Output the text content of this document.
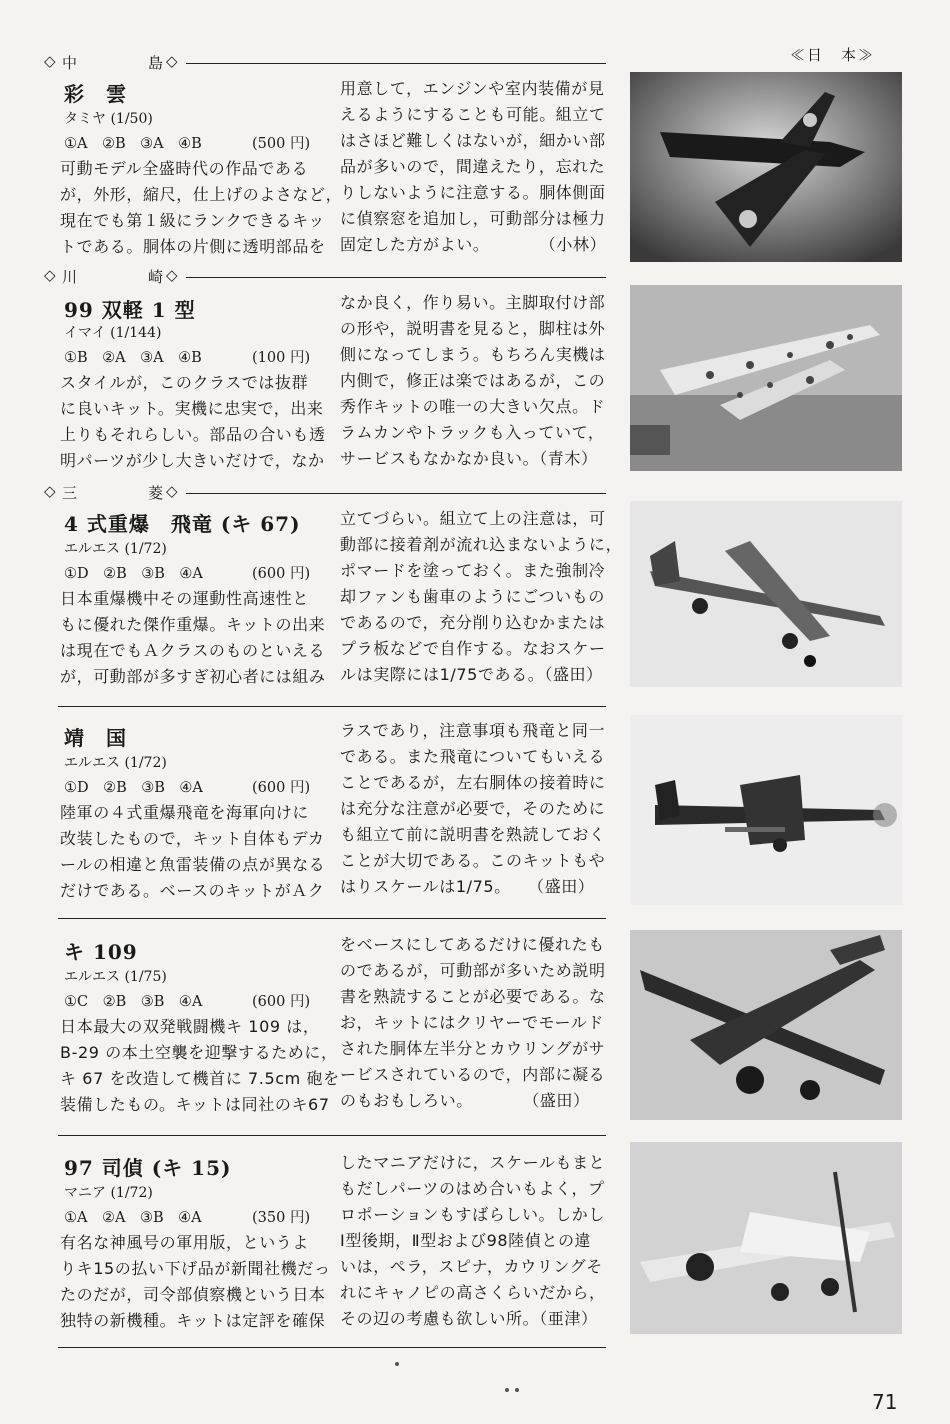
≪日　本≫
◇ 中	島 ◇
◇ 川	崎 ◇
◇ 三	菱 ◇
彩　雲
タミヤ (1/50)
①A　②B　③A　④B	(500 円)
可動モデル全盛時代の作品である
が，外形，縮尺，仕上げのよさなど，
現在でも第１級にランクできるキッ
トである。胴体の片側に透明部品を
用意して，エンジンや室内装備が見
えるようにすることも可能。組立て
はさほど難しくはないが，細かい部
品が多いので，間違えたり，忘れた
りしないように注意する。胴体側面
に偵察窓を追加し，可動部分は極力
固定した方がよい。　　　　（小林）
99 双軽 1 型
イマイ (1/144)
①B　②A　③A　④B	(100 円)
スタイルが，このクラスでは抜群
に良いキット。実機に忠実で，出来
上りもそれらしい。部品の合いも透
明パーツが少し大きいだけで，なか
なか良く，作り易い。主脚取付け部
の形や，説明書を見ると，脚柱は外
側になってしまう。もちろん実機は
内側で，修正は楽ではあるが，この
秀作キットの唯一の大きい欠点。ド
ラムカンやトラックも入っていて，
サービスもなかなか良い。（青木）
4 式重爆　飛竜 (キ 67)
エルエス (1/72)
①D　②B　③B　④A	(600 円)
日本重爆機中その運動性高速性と
もに優れた傑作重爆。キットの出来
は現在でもＡクラスのものといえる
が，可動部が多すぎ初心者には組み
立てづらい。組立て上の注意は，可
動部に接着剤が流れ込まないように，
ポマードを塗っておく。また強制冷
却ファンも歯車のようにごついもの
であるので，充分削り込むかまたは
プラ板などで自作する。なおスケー
ルは実際には1/75である。（盛田）
靖　国
エルエス (1/72)
①D　②B　③B　④A	(600 円)
陸軍の４式重爆飛竜を海軍向けに
改装したもので，キット自体もデカ
ールの相違と魚雷装備の点が異なる
だけである。ベースのキットがＡク
ラスであり，注意事項も飛竜と同一
である。また飛竜についてもいえる
ことであるが，左右胴体の接着時に
は充分な注意が必要で，そのために
も組立て前に説明書を熟読しておく
ことが大切である。このキットもや
はりスケールは1/75。　　（盛田）
キ 109
エルエス (1/75)
①C　②B　③B　④A	(600 円)
日本最大の双発戦闘機キ 109 は，
B-29 の本土空襲を迎撃するために，
キ 67 を改造して機首に 7.5cm 砲を
装備したもの。キットは同社のキ67
をベースにしてあるだけに優れたも
のであるが，可動部が多いため説明
書を熟読することが必要である。な
お，キットにはクリヤーでモールド
された胴体左半分とカウリングがサ
ービスされているので，内部に凝る
のもおもしろい。　　　　（盛田）
97 司偵 (キ 15)
マニア (1/72)
①A　②A　③B　④A	(350 円)
有名な神風号の軍用版，というよ
りキ15の払い下げ品が新聞社機だっ
たのだが，司令部偵察機という日本
独特の新機種。キットは定評を確保
したマニアだけに，スケールもまと
もだしパーツのはめ合いもよく，プ
ロポーションもすばらしい。しかし
Ⅰ型後期，Ⅱ型および98陸偵との違
いは，ペラ，スピナ，カウリングそ
れにキャノピの高さくらいだから，
その辺の考慮も欲しい所。（亜津）
71
